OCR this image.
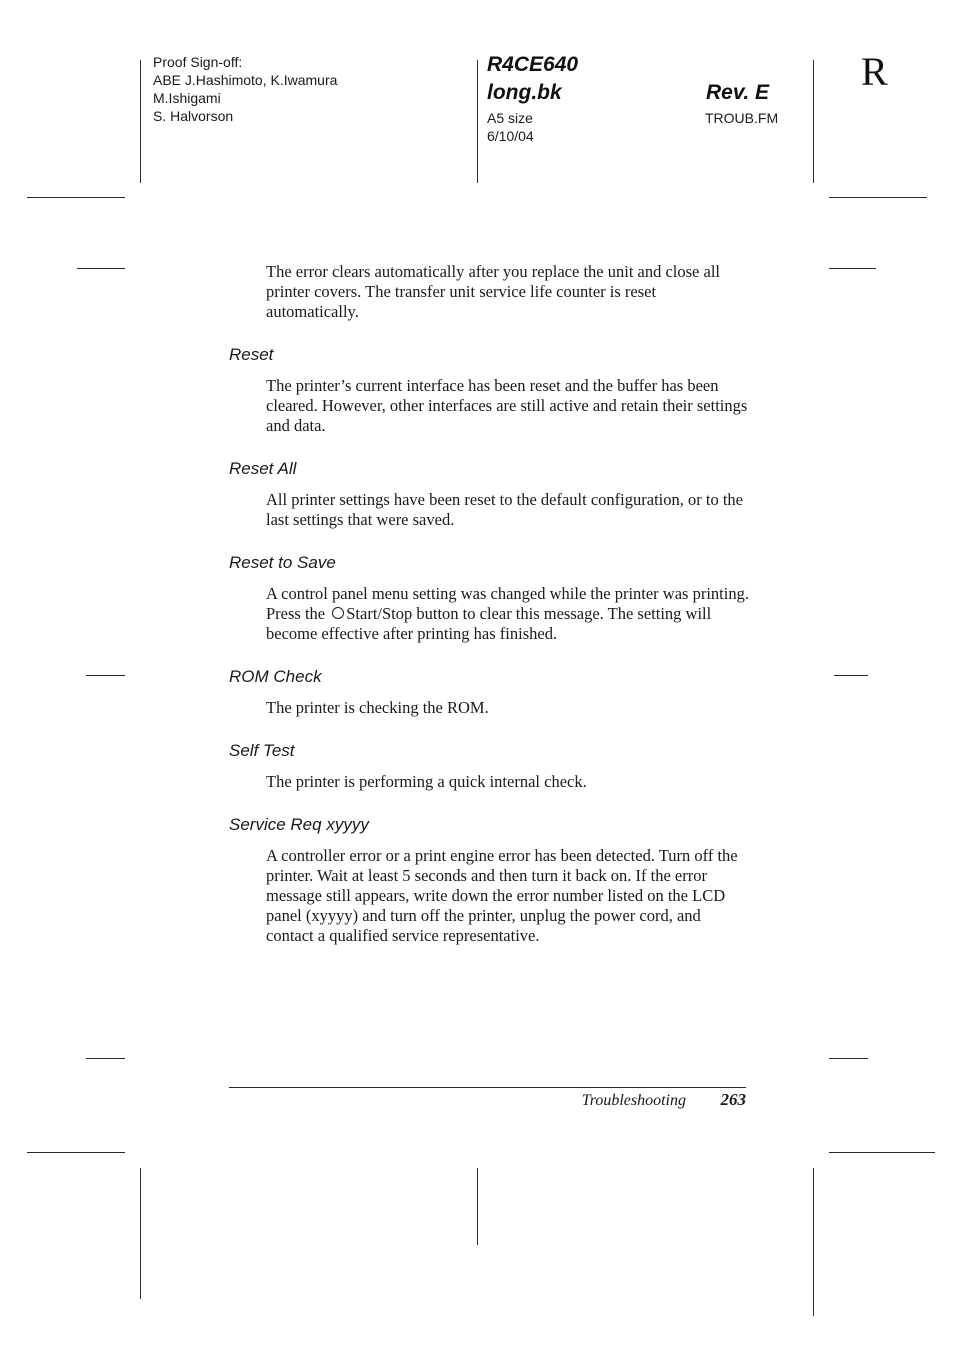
Proof Sign-off:
ABE J.Hashimoto, K.Iwamura
M.Ishigami
S. Halvorson

R4CE640

long.bk	Rev. E

A5 size

6/10/04

TROUB.FM

R

The error clears automatically after you replace the unit and close all printer covers. The transfer unit service life counter is reset automatically.

Reset

The printer’s current interface has been reset and the buffer has been cleared. However, other interfaces are still active and retain their settings and data.

Reset All

All printer settings have been reset to the default configuration, or to the last settings that were saved.

Reset to Save

A control panel menu setting was changed while the printer was printing. Press the Start/Stop button to clear this message. The setting will become effective after printing has finished.

ROM Check

The printer is checking the ROM.

Self Test

The printer is performing a quick internal check.

Service Req xyyyy

A controller error or a print engine error has been detected. Turn off the printer. Wait at least 5 seconds and then turn it back on. If the error message still appears, write down the error number listed on the LCD panel (xyyyy) and turn off the printer, unplug the power cord, and contact a qualified service representative.

Troubleshooting 263
